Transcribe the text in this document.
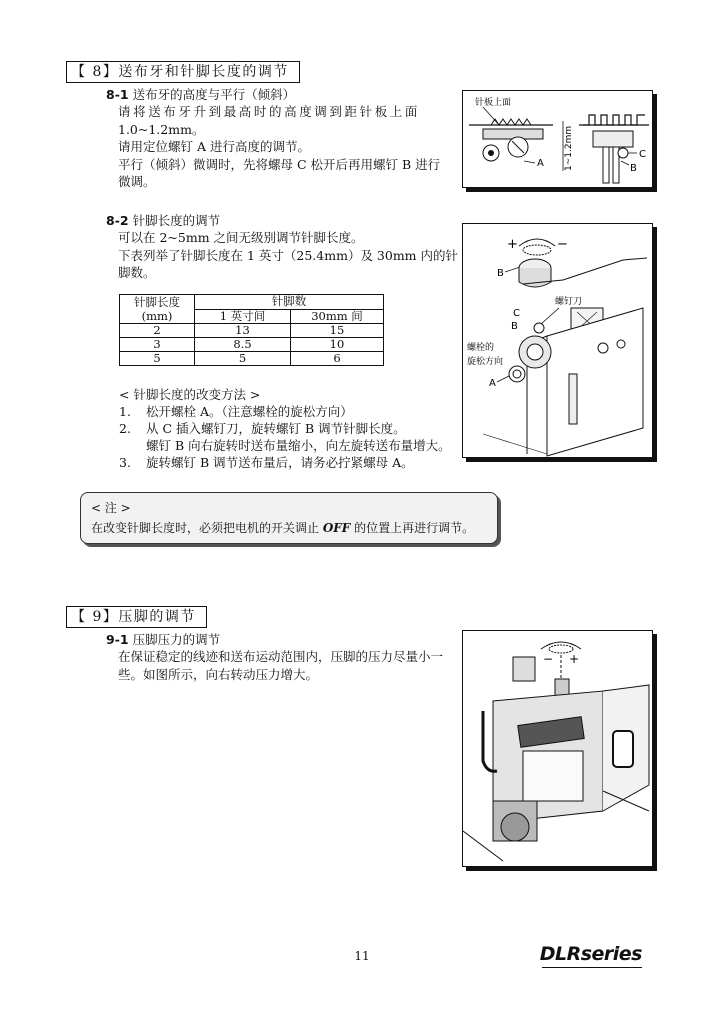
【 8】送布牙和针脚长度的调节
8-1 送布牙的高度与平行（倾斜）
请将送布牙升到最高时的高度调到距针板上面
1.0~1.2mm。
请用定位螺钉 A 进行高度的调节。
平行（倾斜）微调时，先将螺母 C 松开后再用螺钉 B 进行
微调。
针板上面
A 1~1.2mm	C
B
8-2 针脚长度的调节
可以在 2~5mm 之间无级别调节针脚长度。
下表列举了针脚长度在 1 英寸（25.4mm）及 30mm 内的针
脚数。
针脚长度
(mm)	针脚数	
	1 英寸间	30mm 间
2	13	15
3	8.5	10
5	5	6
< 针脚长度的改变方法 >
1. 松开螺栓 A。（注意螺栓的旋松方向）
2. 从 C 插入螺钉刀，旋转螺钉 B 调节针脚长度。
螺钉 B 向右旋转时送布量缩小，向左旋转送布量增大。
3. 旋转螺钉 B 调节送布量后，请务必拧紧螺母 A。
+	−
B
螺钉刀
C
B
螺栓的
旋松方向
A
< 注 >
在改变针脚长度时，必须把电机的开关调止 OFF 的位置上再进行调节。
【 9】压脚的调节
9-1 压脚压力的调节
在保证稳定的线迹和送布运动范围内，压脚的压力尽量小一
些。如图所示，向右转动压力增大。
− +
11	DLRseries
